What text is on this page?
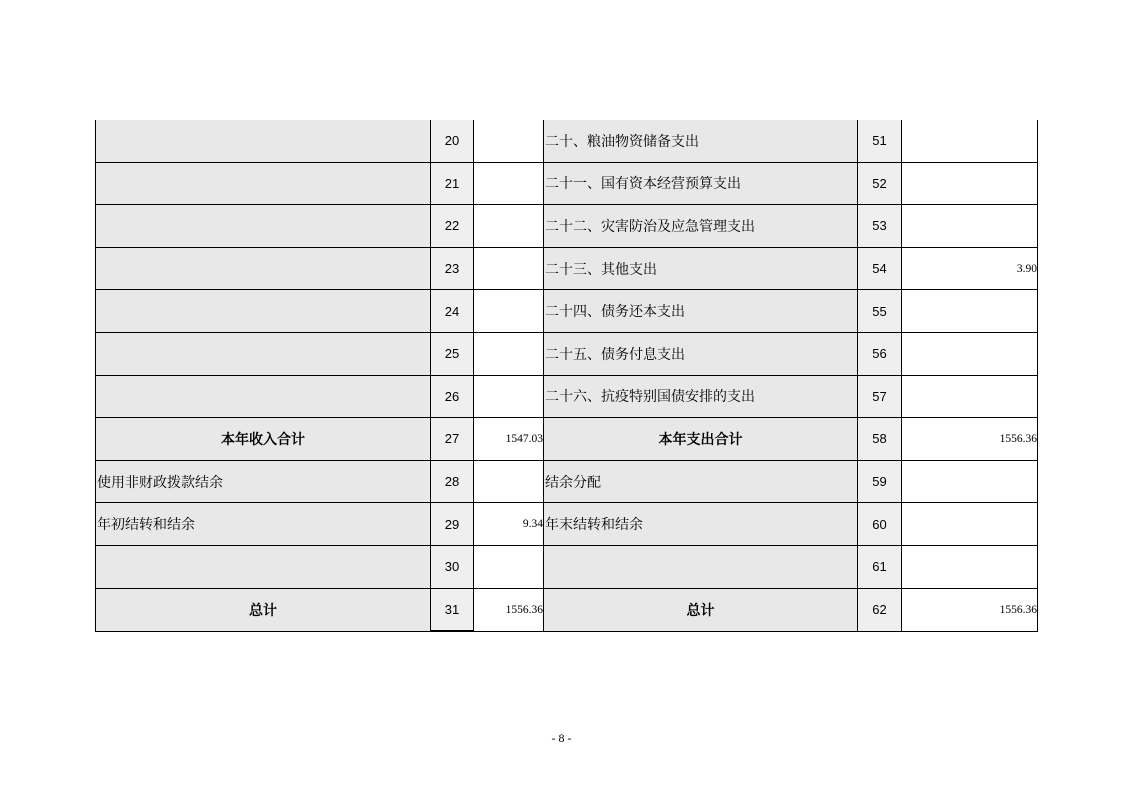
	20		二十、粮油物资储备支出	51	
	21		二十一、国有资本经营预算支出	52	
	22		二十二、灾害防治及应急管理支出	53	
	23		二十三、其他支出	54	3.90
	24		二十四、债务还本支出	55	
	25		二十五、债务付息支出	56	
	26		二十六、抗疫特别国债安排的支出	57	
本年收入合计	27	1547.03	本年支出合计	58	1556.36
使用非财政拨款结余	28		结余分配	59	
年初结转和结余	29	9.34	年末结转和结余	60	
	30			61	
总计	31	1556.36	总计	62	1556.36
- 8 -
